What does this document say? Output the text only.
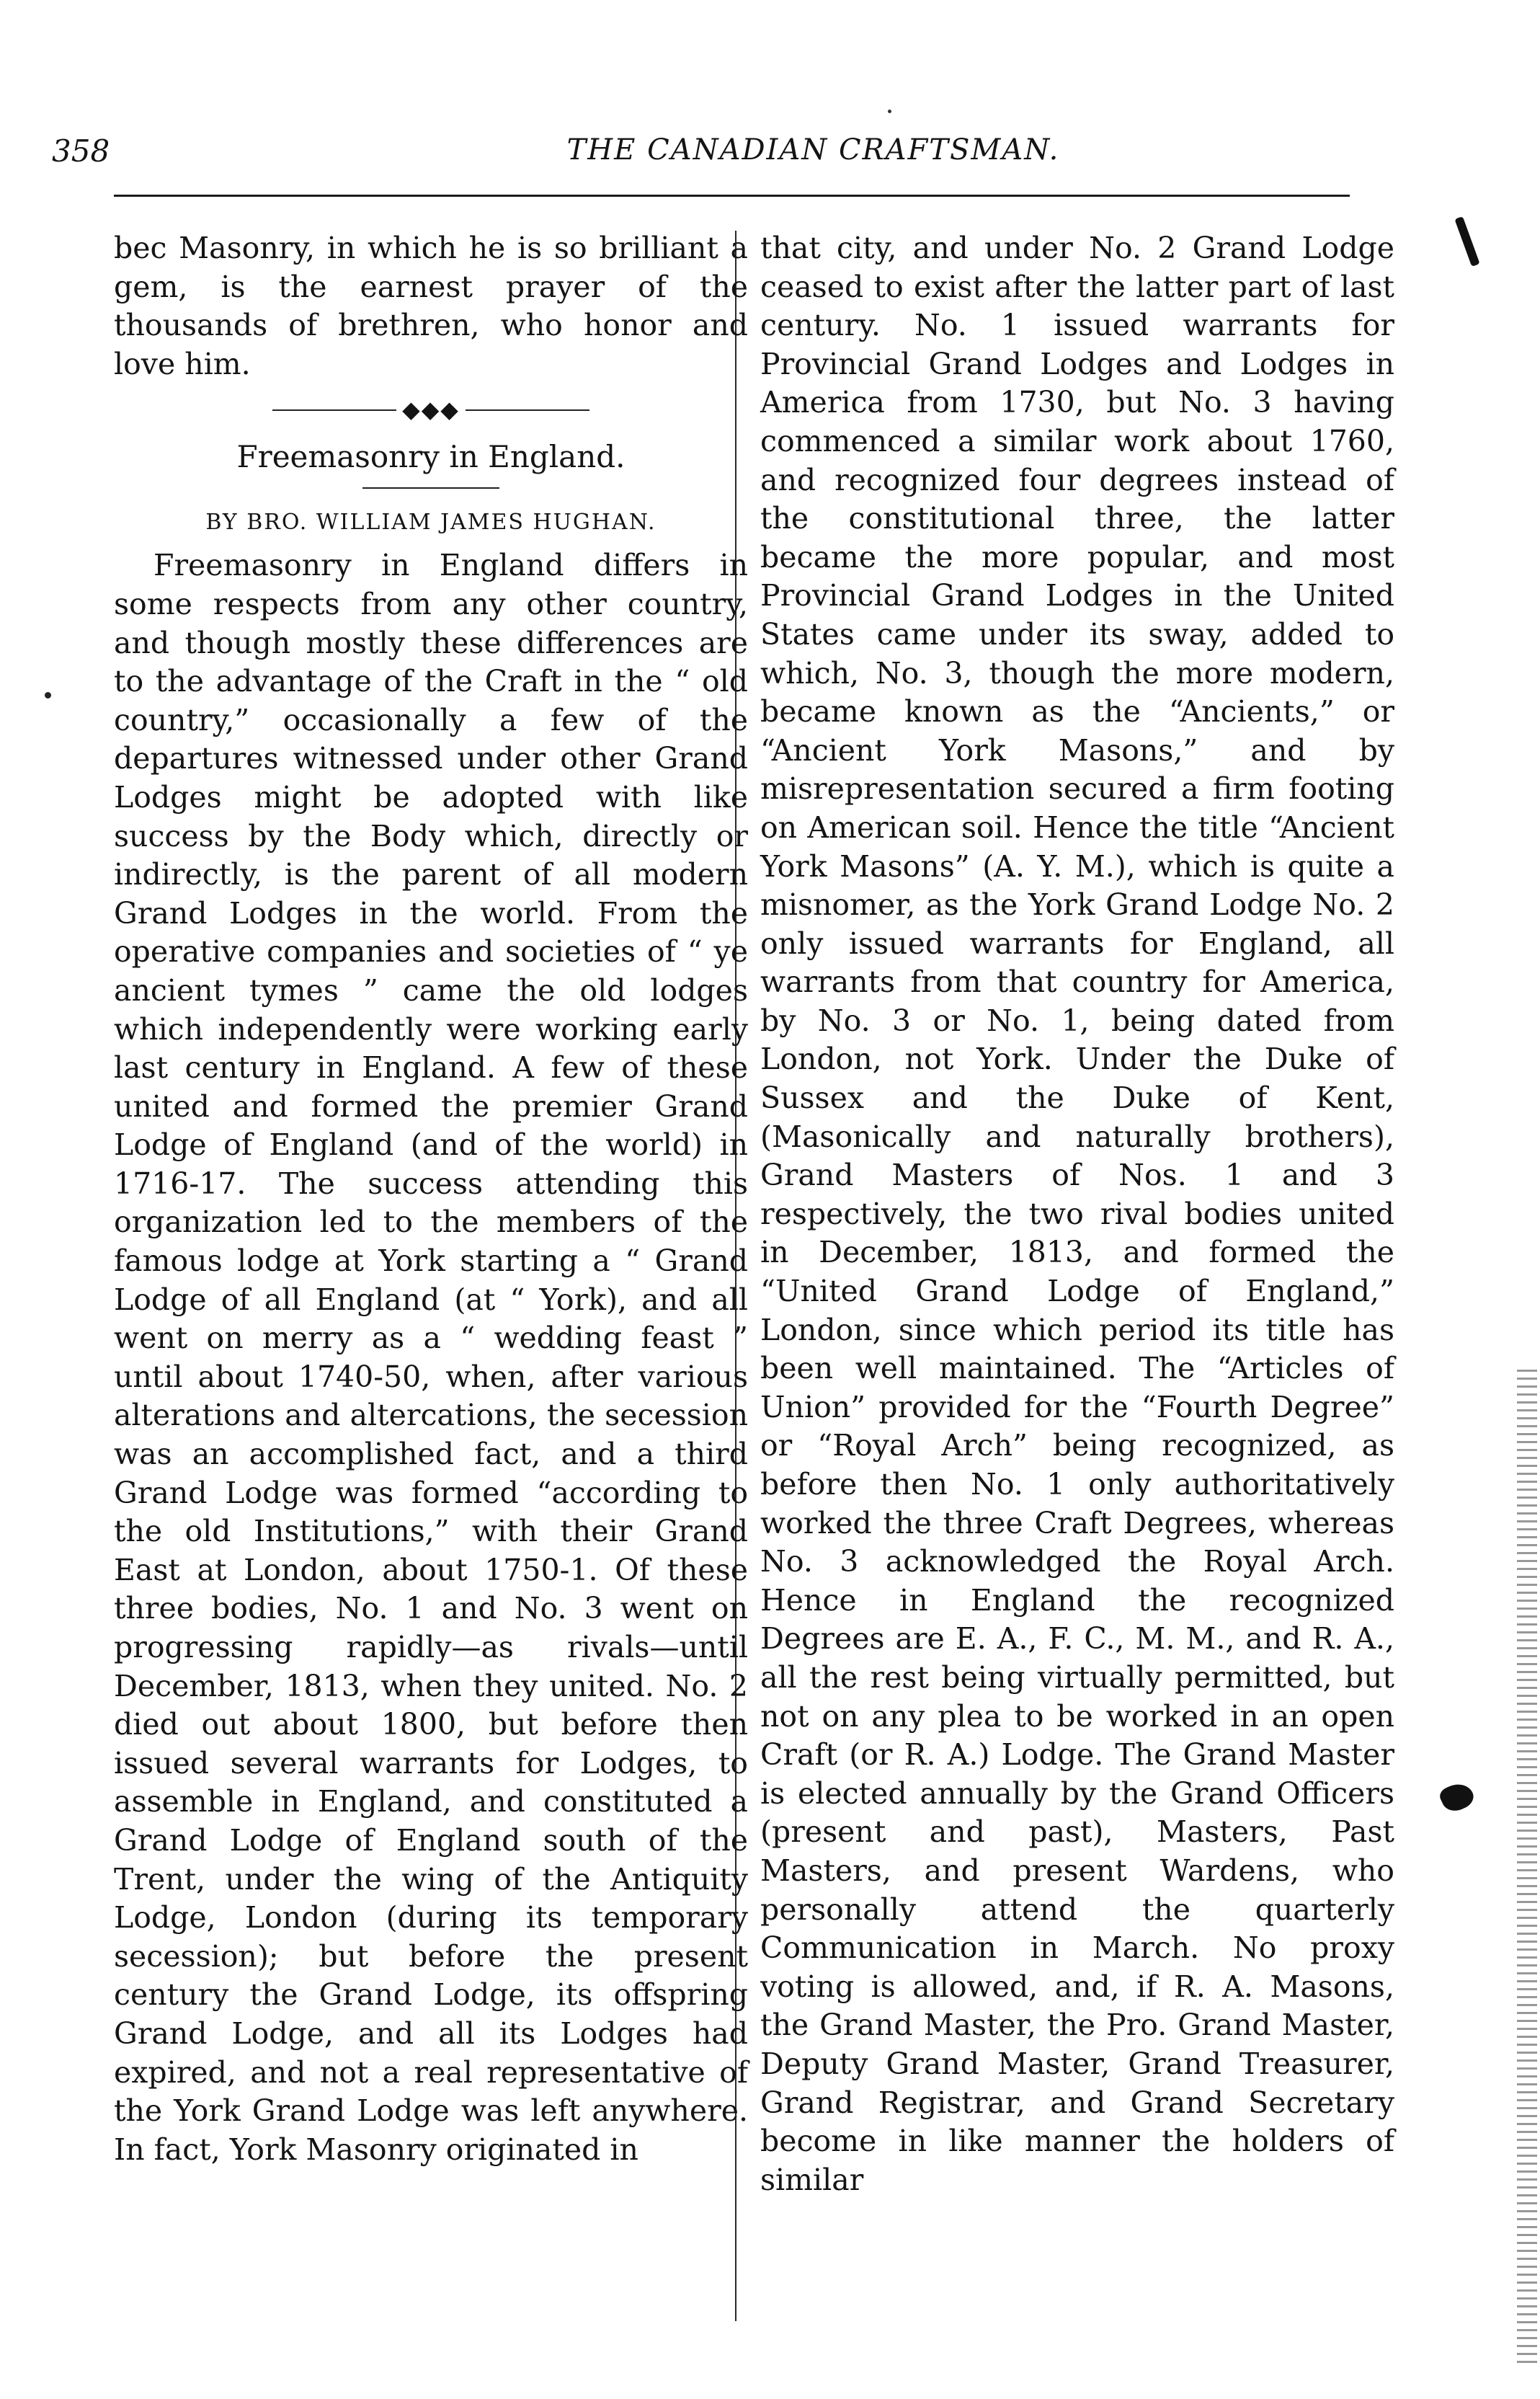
358	THE CANADIAN CRAFTSMAN.

bec Masonry, in which he is so brilliant a gem, is the earnest prayer of the thousands of brethren, who honor and love him.

◆◆◆
Freemasonry in England.
BY BRO. WILLIAM JAMES HUGHAN.

Freemasonry in England differs in some respects from any other country, and though mostly these differences are to the advantage of the Craft in the “ old country,” occasionally a few of the departures witnessed under other Grand Lodges might be adopted with like success by the Body which, directly or indirectly, is the parent of all modern Grand Lodges in the world. From the operative companies and societies of “ ye ancient tymes ” came the old lodges which independently were working early last century in England. A few of these united and formed the premier Grand Lodge of England (and of the world) in 1716-17. The success attending this organization led to the members of the famous lodge at York starting a “ Grand Lodge of all England (at “ York), and all went on merry as a “ wedding feast ” until about 1740-50, when, after various alterations and altercations, the secession was an accomplished fact, and a third Grand Lodge was formed “according to the old Institutions,” with their Grand East at London, about 1750-1. Of these three bodies, No. 1 and No. 3 went on progressing rapidly—as rivals—until December, 1813, when they united. No. 2 died out about 1800, but before then issued several warrants for Lodges, to assemble in England, and constituted a Grand Lodge of England south of the Trent, under the wing of the Antiquity Lodge, London (during its temporary secession); but before the present century the Grand Lodge, its offspring Grand Lodge, and all its Lodges had expired, and not a real representative of the York Grand Lodge was left anywhere. In fact, York Masonry originated in

that city, and under No. 2 Grand Lodge ceased to exist after the latter part of last century. No. 1 issued warrants for Provincial Grand Lodges and Lodges in America from 1730, but No. 3 having commenced a similar work about 1760, and recognized four degrees instead of the constitutional three, the latter became the more popular, and most Provincial Grand Lodges in the United States came under its sway, added to which, No. 3, though the more modern, became known as the “Ancients,” or “Ancient York Masons,” and by misrepresentation secured a firm footing on American soil. Hence the title “Ancient York Masons” (A. Y. M.), which is quite a misnomer, as the York Grand Lodge No. 2 only issued warrants for England, all warrants from that country for America, by No. 3 or No. 1, being dated from London, not York. Under the Duke of Sussex and the Duke of Kent, (Masonically and naturally brothers), Grand Masters of Nos. 1 and 3 respectively, the two rival bodies united in December, 1813, and formed the “United Grand Lodge of England,” London, since which period its title has been well maintained. The “Articles of Union” provided for the “Fourth Degree” or “Royal Arch” being recognized, as before then No. 1 only authoritatively worked the three Craft Degrees, whereas No. 3 acknowledged the Royal Arch. Hence in England the recognized Degrees are E. A., F. C., M. M., and R. A., all the rest being virtually permitted, but not on any plea to be worked in an open Craft (or R. A.) Lodge. The Grand Master is elected annually by the Grand Officers (present and past), Masters, Past Masters, and present Wardens, who personally attend the quarterly Communication in March. No proxy voting is allowed, and, if R. A. Masons, the Grand Master, the Pro. Grand Master, Deputy Grand Master, Grand Treasurer, Grand Registrar, and Grand Secretary become in like manner the holders of similar
